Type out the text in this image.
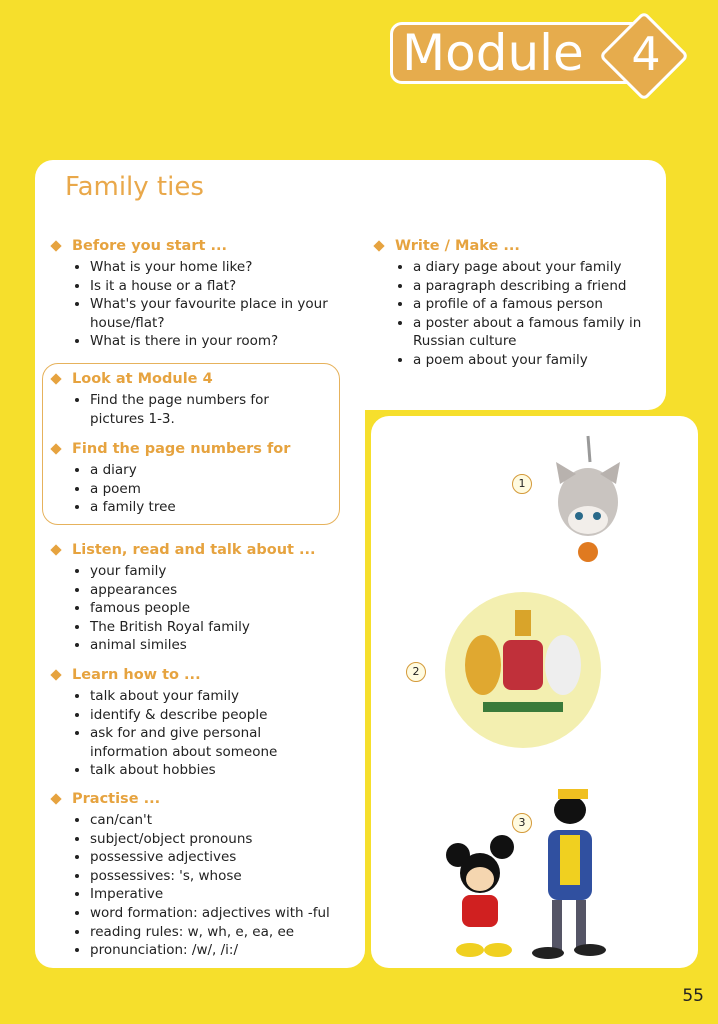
Module 4
Family ties
Before you start ...
• What is your home like?
• Is it a house or a flat?
• What's your favourite place in your house/flat?
• What is there in your room?
Look at Module 4
• Find the page numbers for pictures 1-3.
Find the page numbers for
• a diary
• a poem
• a family tree
Listen, read and talk about ...
• your family
• appearances
• famous people
• The British Royal family
• animal similes
Learn how to ...
• talk about your family
• identify & describe people
• ask for and give personal information about someone
• talk about hobbies
Practise ...
• can/can't
• subject/object pronouns
• possessive adjectives
• possessives: 's, whose
• Imperative
• word formation: adjectives with -ful
• reading rules: w, wh, e, ea, ee
• pronunciation: /w/, /i:/
Write / Make ...
• a diary page about your family
• a paragraph describing a friend
• a profile of a famous person
• a poster about a famous family in Russian culture
• a poem about your family
1
2
3
55
